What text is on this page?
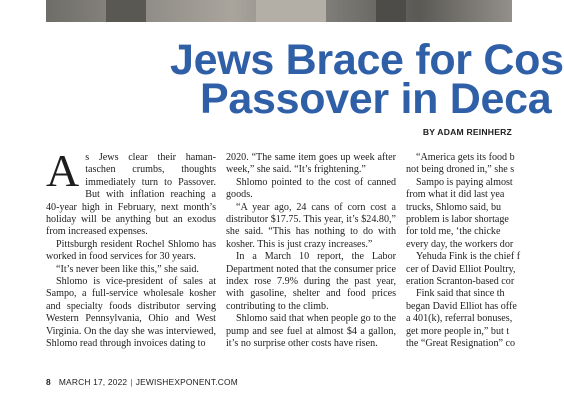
Jews Brace for Cos
Passover in Deca
BY ADAM REINHERZ

As Jews clear their haman-taschen crumbs, thoughts immediately turn to Passover. But with inflation reaching a 40-year high in February, next month’s holiday will be anything but an exodus from increased expenses.

Pittsburgh resident Rochel Shlomo has worked in food services for 30 years.

“It’s never been like this,” she said.

Shlomo is vice-president of sales at Sampo, a full-service wholesale kosher and specialty foods distributor serving Western Pennsylvania, Ohio and West Virginia. On the day she was interviewed, Shlomo read through invoices dating to

2020. “The same item goes up week after week,” she said. “It’s frightening.”

Shlomo pointed to the cost of canned goods.

“A year ago, 24 cans of corn cost a distributor $17.75. This year, it’s $24.80,” she said. “This has nothing to do with kosher. This is just crazy increases.”

In a March 10 report, the Labor Department noted that the consumer price index rose 7.9% during the past year, with gasoline, shelter and food prices contributing to the climb.

Shlomo said that when people go to the pump and see fuel at almost $4 a gallon, it’s no surprise other costs have risen.

“America gets its food b

not being droned in,” she s

Sampo is paying almost

from what it did last yea

trucks, Shlomo said, bu

problem is labor shortage

for told me, ‘the chicke

every day, the workers dor

Yehuda Fink is the chief f

cer of David Elliot Poultry,

eration Scranton-based cor

Fink said that since th

began David Elliot has offe

a 401(k), referral bonuses,

get more people in,” but t

the “Great Resignation” co

8 MARCH 17, 2022 | JEWISHEXPONENT.COM
